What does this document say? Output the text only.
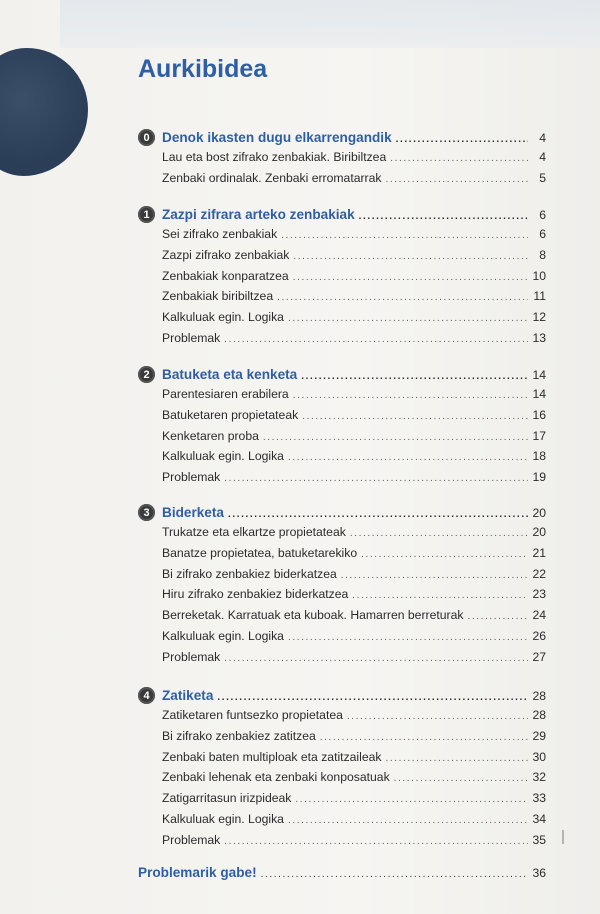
Aurkibidea
0 Denok ikasten dugu elkarrengandik .....	4
Lau eta bost zifrako zenbakiak. Biribiltzea .....	4
Zenbaki ordinalak. Zenbaki erromatarrak .....	5
1 Zazpi zifrara arteko zenbakiak .....	6
Sei zifrako zenbakiak .....	6
Zazpi zifrako zenbakiak .....	8
Zenbakiak konparatzea .....	10
Zenbakiak biribiltzea .....	11
Kalkuluak egin. Logika .....	12
Problemak .....	13
2 Batuketa eta kenketa .....	14
Parentesiaren erabilera .....	14
Batuketaren propietateak .....	16
Kenketaren proba .....	17
Kalkuluak egin. Logika .....	18
Problemak .....	19
3 Biderketa .....	20
Trukatze eta elkartze propietateak .....	20
Banatze propietatea, batuketarekiko .....	21
Bi zifrako zenbakiez biderkatzea .....	22
Hiru zifrako zenbakiez biderkatzea .....	23
Berreketak. Karratuak eta kuboak. Hamarren berreturak .....	24
Kalkuluak egin. Logika .....	26
Problemak .....	27
4 Zatiketa .....	28
Zatiketaren funtsezko propietatea .....	28
Bi zifrako zenbakiez zatitzea .....	29
Zenbaki baten multiploak eta zatitzaileak .....	30
Zenbaki lehenak eta zenbaki konposatuak .....	32
Zatigarritasun irizpideak .....	33
Kalkuluak egin. Logika .....	34
Problemak .....	35
Problemarik gabe! .....	36
